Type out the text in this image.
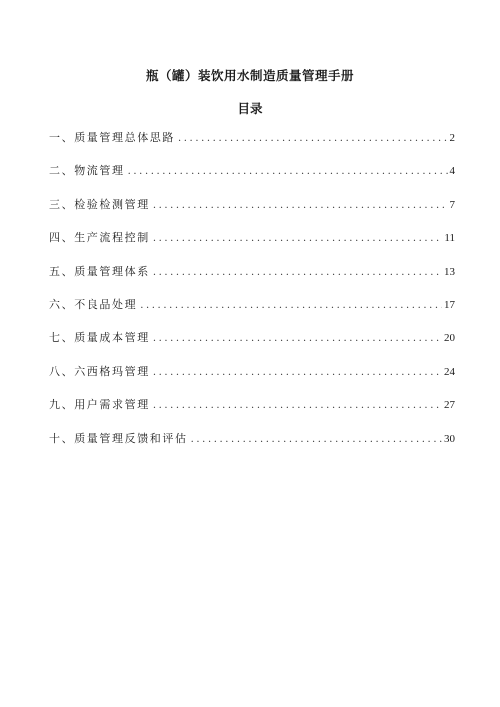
瓶（罐）装饮用水制造质量管理手册
目录
一、质量管理总体思路 .....	2
二、物流管理 .....	4
三、检验检测管理 .....	7
四、生产流程控制 .....	11
五、质量管理体系 .....	13
六、不良品处理 .....	17
七、质量成本管理 .....	20
八、六西格玛管理 .....	24
九、用户需求管理 .....	27
十、质量管理反馈和评估 .....	30
